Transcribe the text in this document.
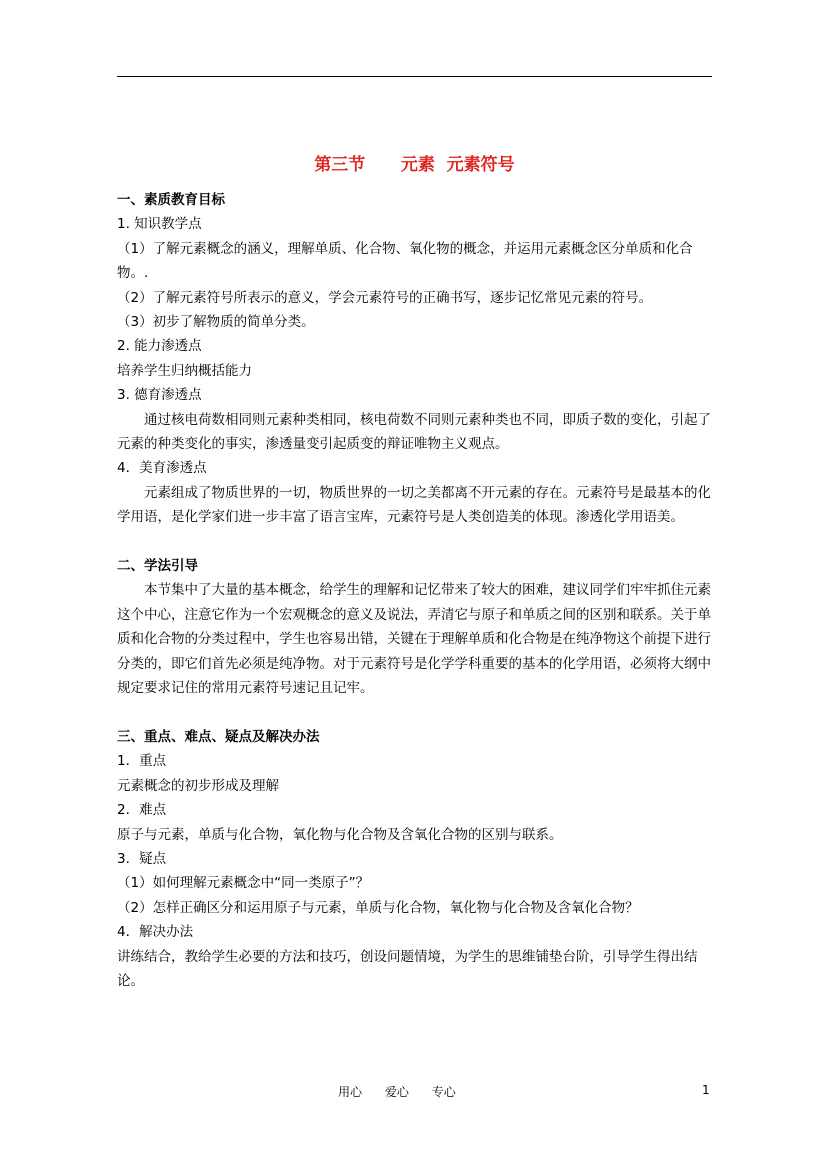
第三节      元素  元素符号

一、素质教育目标

1. 知识教学点

（1）了解元素概念的涵义，理解单质、化合物、氧化物的概念，并运用元素概念区分单质和化合物。.

（2）了解元素符号所表示的意义，学会元素符号的正确书写，逐步记忆常见元素的符号。

（3）初步了解物质的简单分类。

2. 能力渗透点

培养学生归纳概括能力

3. 德育渗透点

通过核电荷数相同则元素种类相同，核电荷数不同则元素种类也不同，即质子数的变化，引起了元素的种类变化的事实，渗透量变引起质变的辩证唯物主义观点。

4．美育渗透点

元素组成了物质世界的一切，物质世界的一切之美都离不开元素的存在。元素符号是最基本的化学用语，是化学家们进一步丰富了语言宝库，元素符号是人类创造美的体现。渗透化学用语美。

二、学法引导

本节集中了大量的基本概念，给学生的理解和记忆带来了较大的困难，建议同学们牢牢抓住元素这个中心，注意它作为一个宏观概念的意义及说法，弄清它与原子和单质之间的区别和联系。关于单质和化合物的分类过程中，学生也容易出错，关键在于理解单质和化合物是在纯净物这个前提下进行分类的，即它们首先必须是纯净物。对于元素符号是化学学科重要的基本的化学用语，必须将大纲中规定要求记住的常用元素符号速记且记牢。

三、重点、难点、疑点及解决办法

1．重点

元素概念的初步形成及理解

2．难点

原子与元素，单质与化合物，氧化物与化合物及含氧化合物的区别与联系。

3．疑点

（1）如何理解元素概念中“同一类原子”？

（2）怎样正确区分和运用原子与元素，单质与化合物，氧化物与化合物及含氧化合物？

4．解决办法

讲练结合，教给学生必要的方法和技巧，创设问题情境，为学生的思维铺垫台阶，引导学生得出结论。

用心      爱心      专心	1
